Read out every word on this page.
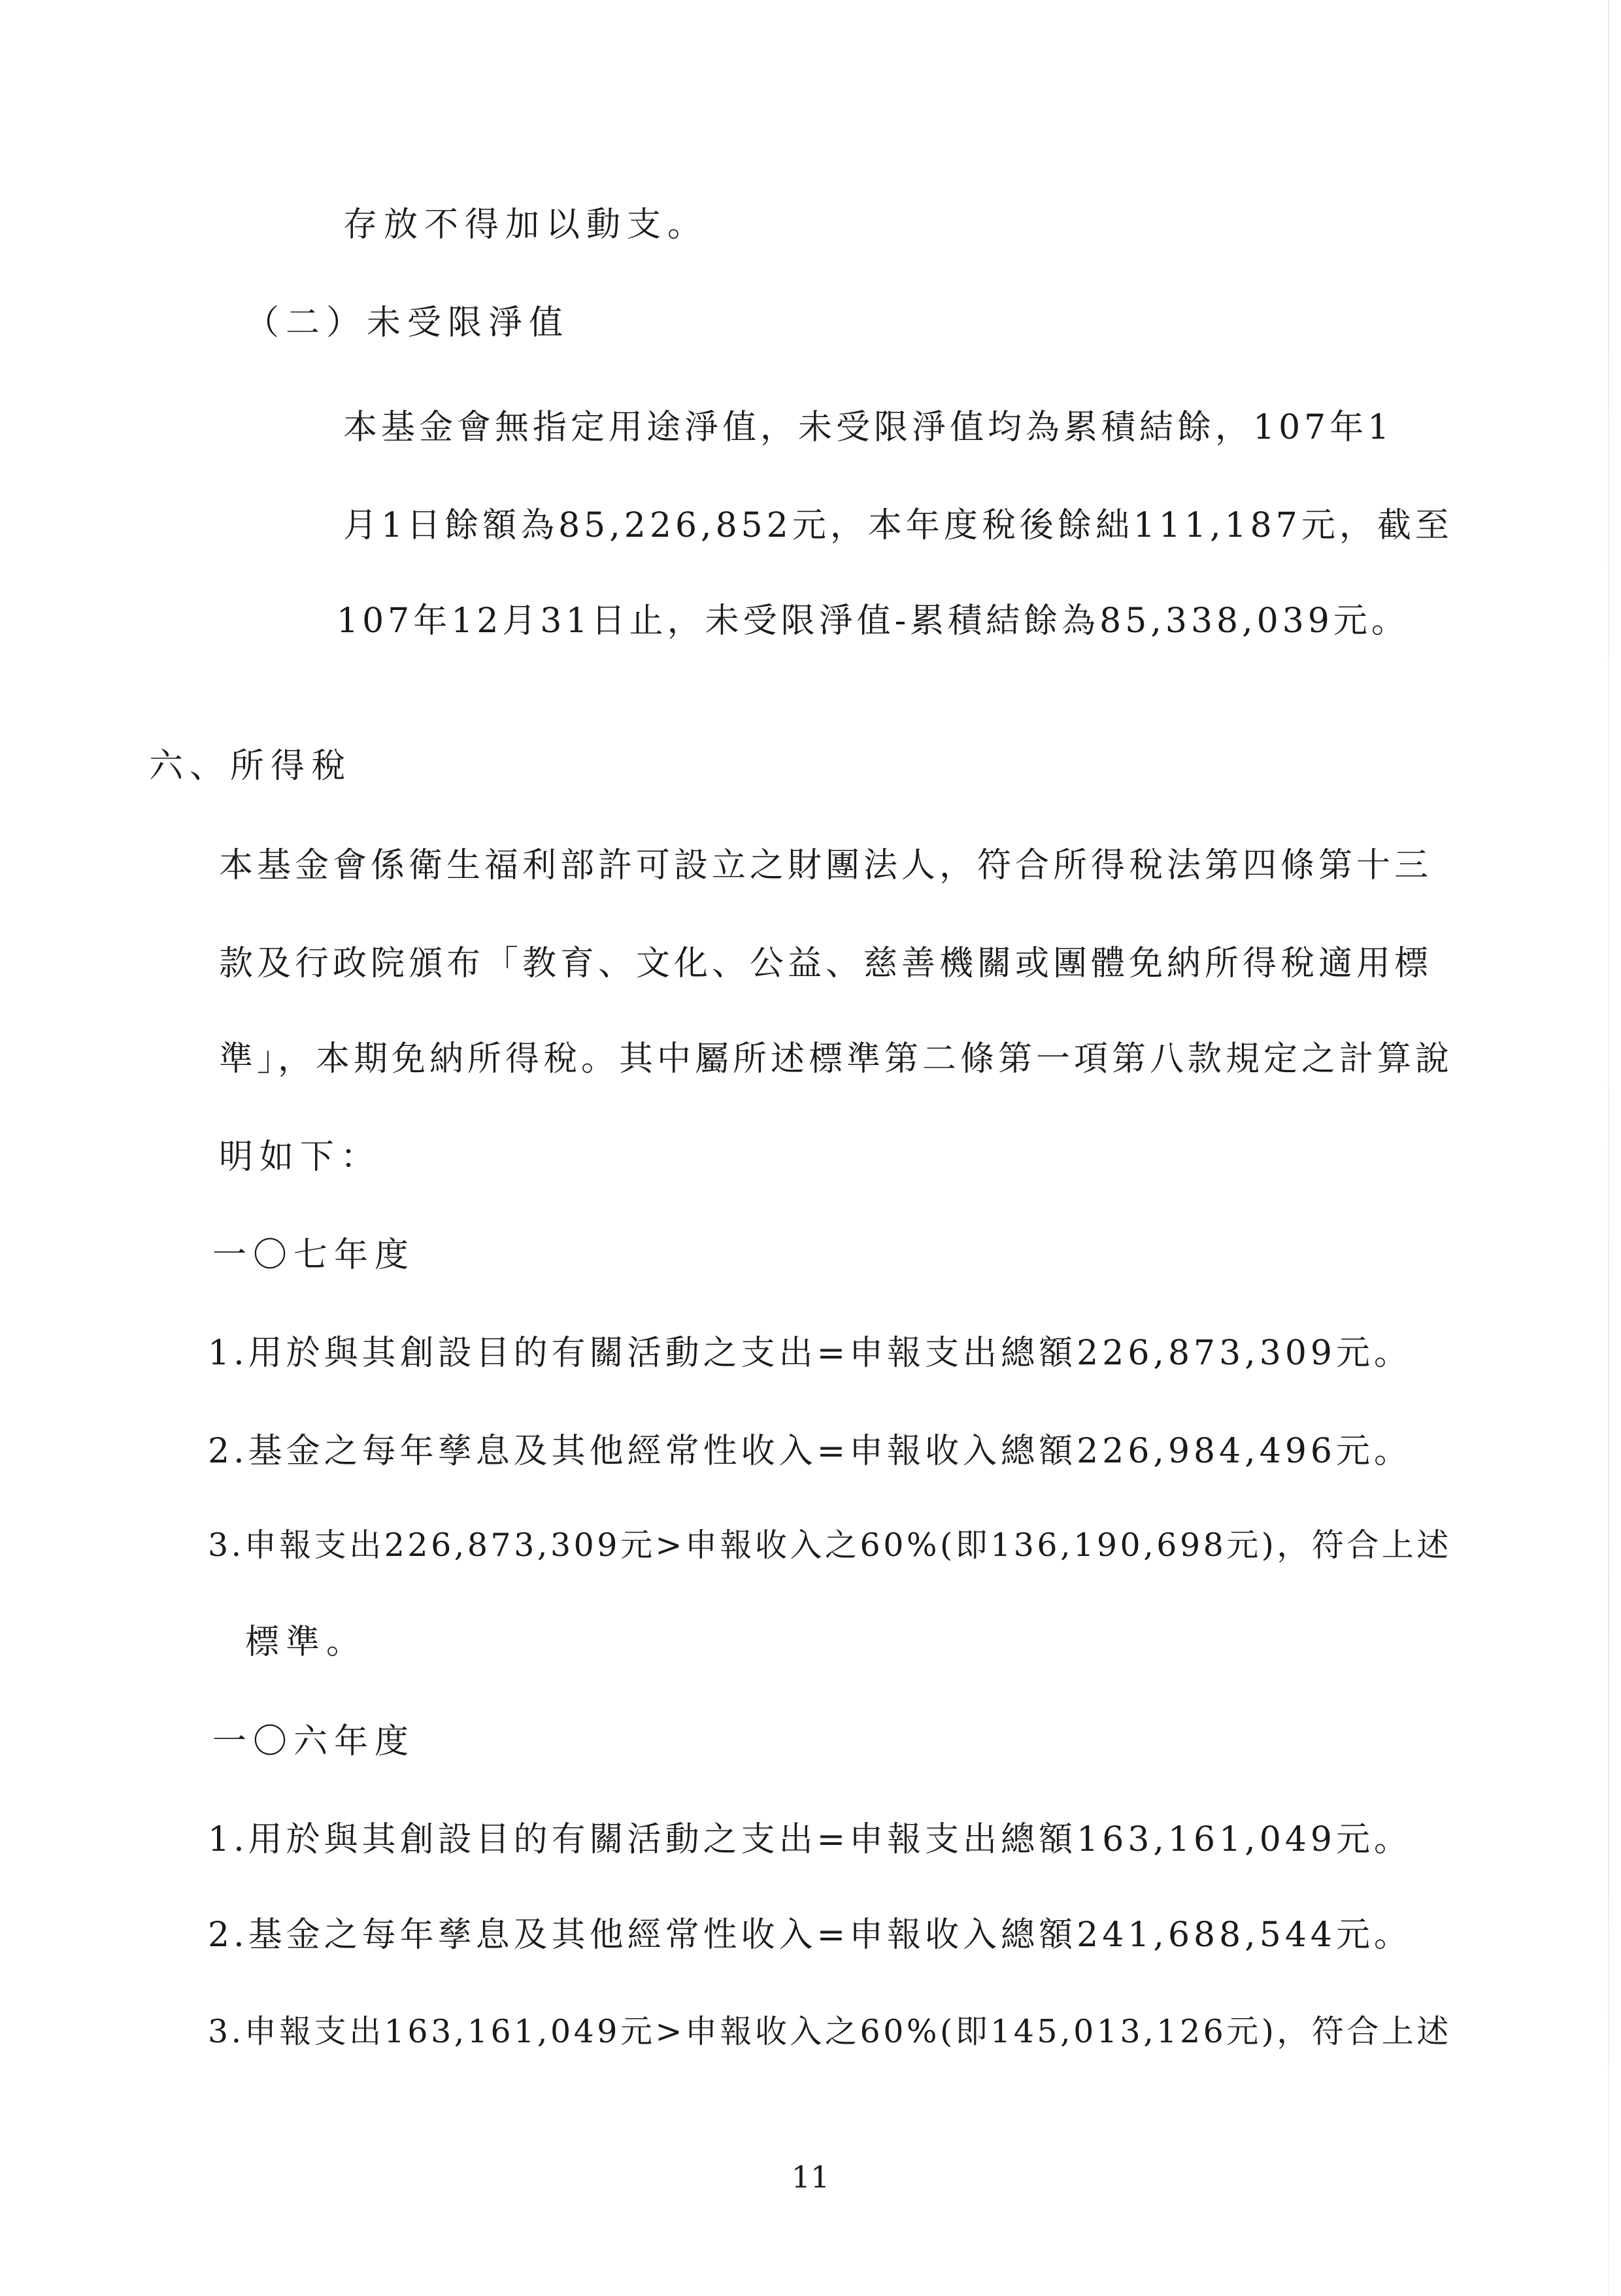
存放不得加以動支。
（二）未受限淨值
本基金會無指定用途淨值，未受限淨值均為累積結餘，107年1
月1日餘額為85,226,852元，本年度稅後餘絀111,187元，截至
107年12月31日止，未受限淨值-累積結餘為85,338,039元。
六、所得稅
本基金會係衛生福利部許可設立之財團法人，符合所得稅法第四條第十三
款及行政院頒布「教育、文化、公益、慈善機關或團體免納所得稅適用標
準」，本期免納所得稅。其中屬所述標準第二條第一項第八款規定之計算說
明如下：
一〇七年度
1.用於與其創設目的有關活動之支出=申報支出總額226,873,309元。
2.基金之每年孳息及其他經常性收入=申報收入總額226,984,496元。
3.申報支出226,873,309元>申報收入之60%(即136,190,698元)，符合上述
標準。
一〇六年度
1.用於與其創設目的有關活動之支出=申報支出總額163,161,049元。
2.基金之每年孳息及其他經常性收入=申報收入總額241,688,544元。
3.申報支出163,161,049元>申報收入之60%(即145,013,126元)，符合上述
11
